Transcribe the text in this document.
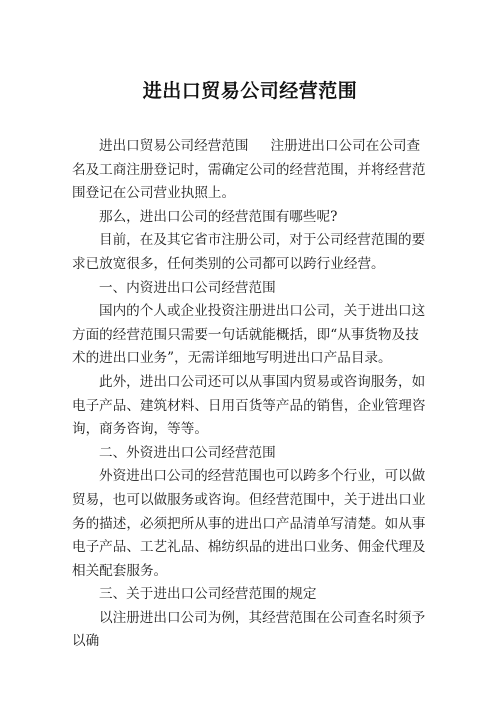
进出口贸易公司经营范围

进出口贸易公司经营范围 注册进出口公司在公司查名及工商注册登记时，需确定公司的经营范围，并将经营范围登记在公司营业执照上。

那么，进出口公司的经营范围有哪些呢?

目前，在及其它省市注册公司，对于公司经营范围的要求已放宽很多，任何类别的公司都可以跨行业经营。

一、内资进出口公司经营范围

国内的个人或企业投资注册进出口公司，关于进出口这方面的经营范围只需要一句话就能概括，即“从事货物及技术的进出口业务”，无需详细地写明进出口产品目录。

此外，进出口公司还可以从事国内贸易或咨询服务，如电子产品、建筑材料、日用百货等产品的销售，企业管理咨询，商务咨询，等等。

二、外资进出口公司经营范围

外资进出口公司的经营范围也可以跨多个行业，可以做贸易，也可以做服务或咨询。但经营范围中，关于进出口业务的描述，必须把所从事的进出口产品清单写清楚。如从事电子产品、工艺礼品、棉纺织品的进出口业务、佣金代理及相关配套服务。

三、关于进出口公司经营范围的规定

以注册进出口公司为例，其经营范围在公司查名时须予以确
